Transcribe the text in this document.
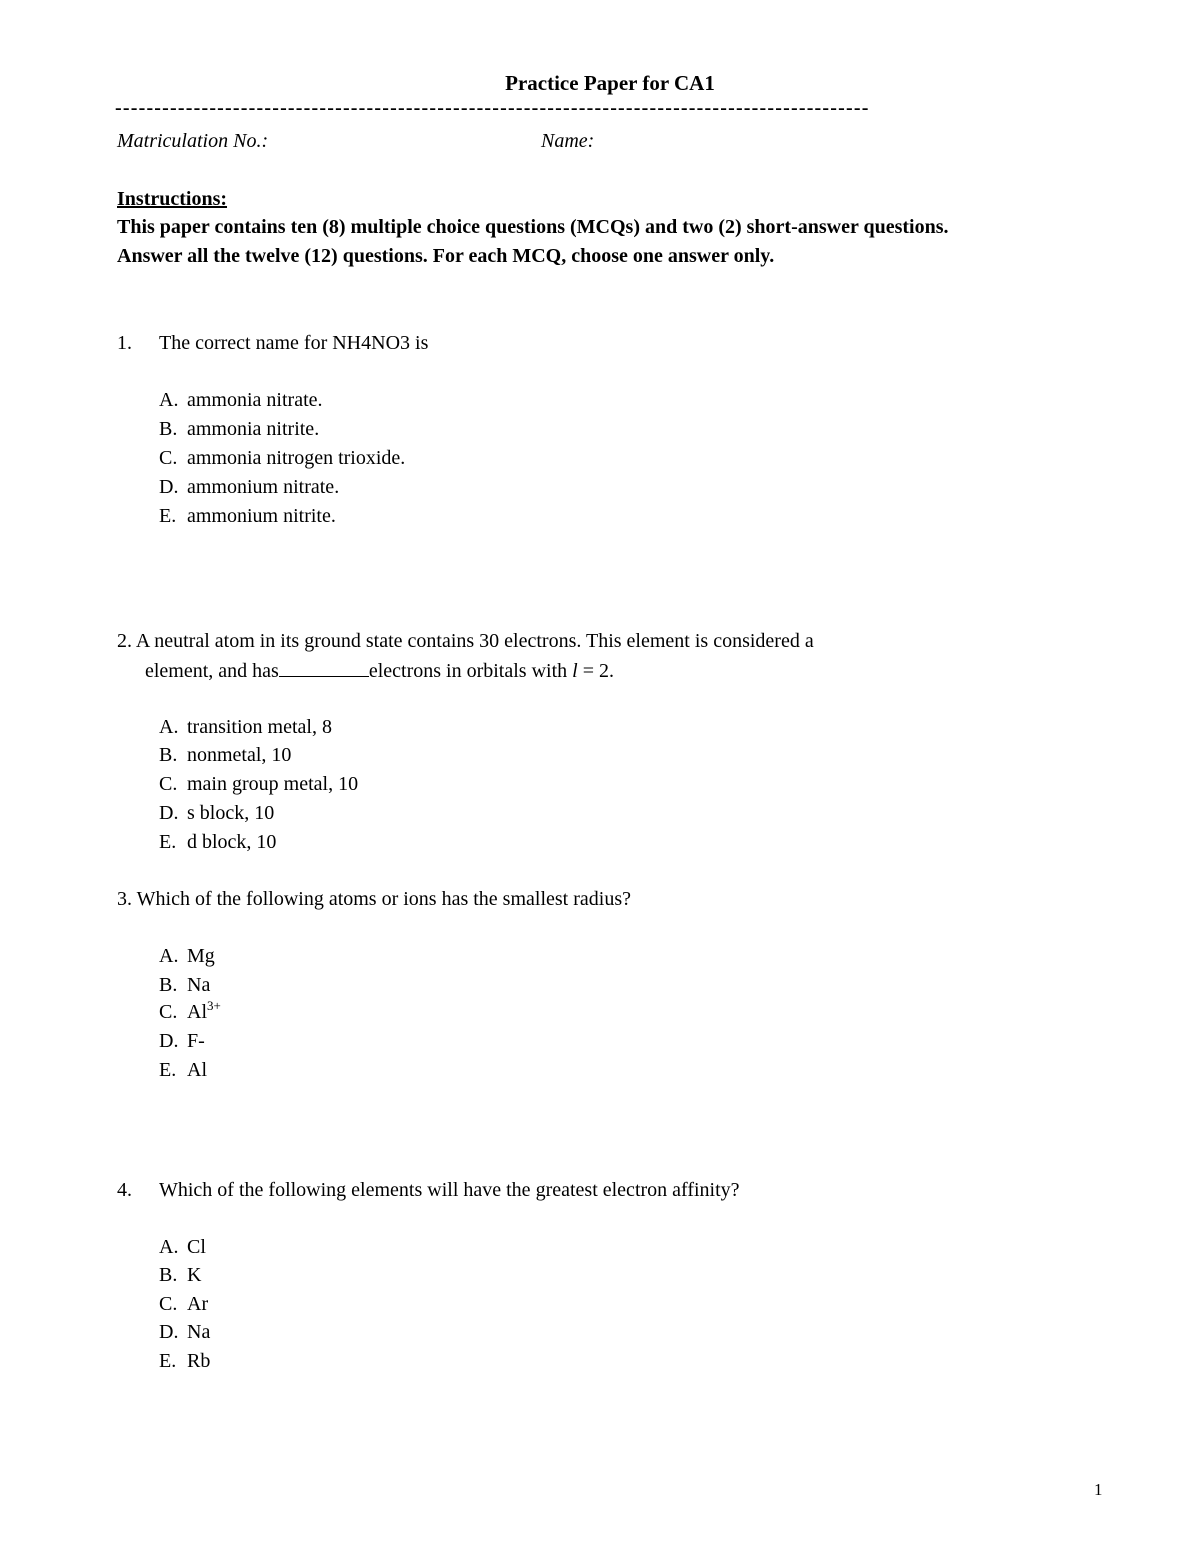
Practice Paper for CA1
------------------------------------------------------------------------------------------------
Matriculation No.:	Name:
Instructions:
This paper contains ten (8) multiple choice questions (MCQs) and two (2) short-answer questions.
Answer all the twelve (12) questions. For each MCQ, choose one answer only.
1. The correct name for NH4NO3 is
A. ammonia nitrate.
B. ammonia nitrite.
C. ammonia nitrogen trioxide.
D. ammonium nitrate.
E. ammonium nitrite.
2. A neutral atom in its ground state contains 30 electrons. This element is considered a
element, and has	electrons in orbitals with l = 2.
A. transition metal, 8
B. nonmetal, 10
C. main group metal, 10
D. s block, 10
E. d block, 10
3. Which of the following atoms or ions has the smallest radius?
A. Mg
B. Na
C. $Al^{3+}$
D. F-
E. Al
4. Which of the following elements will have the greatest electron affinity?
A. Cl
B. K
C. Ar
D. Na
E. Rb
1
